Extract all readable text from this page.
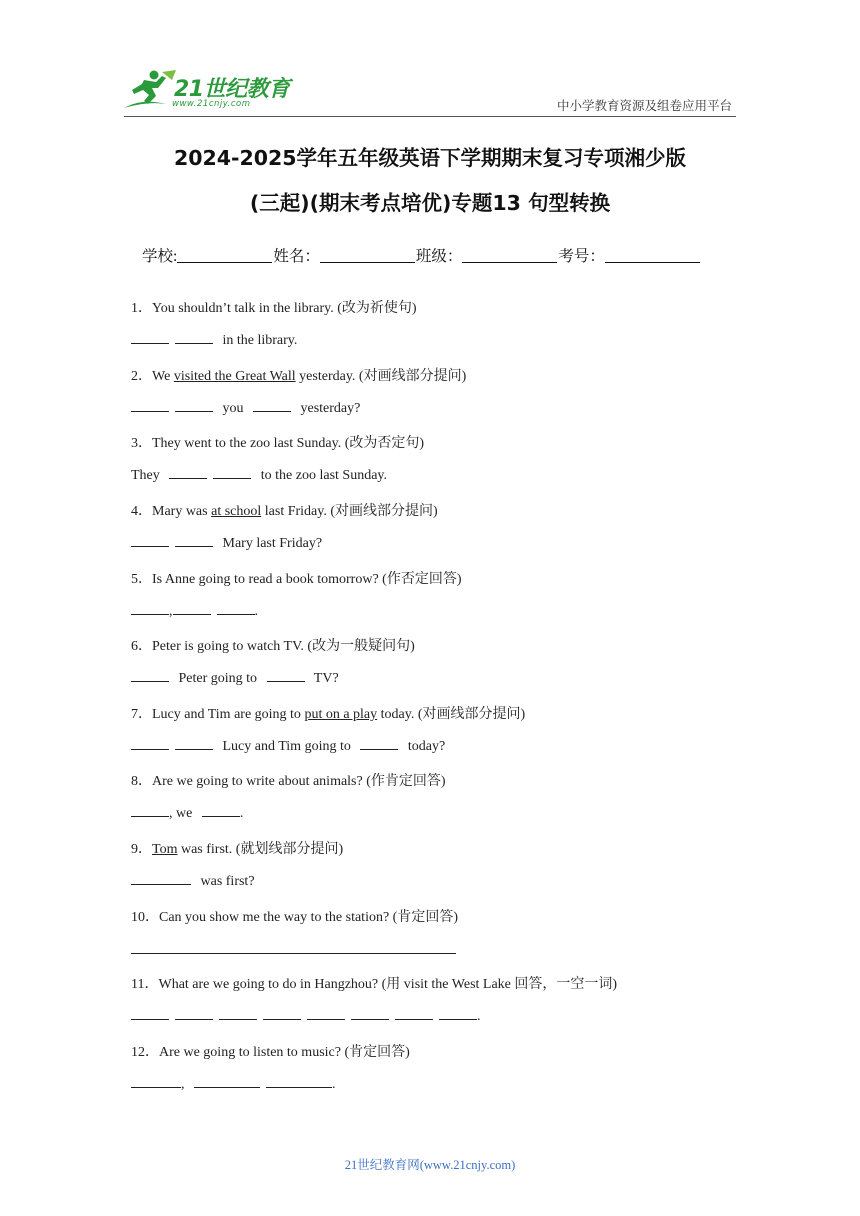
21世纪教育
www.21cnjy.com	中小学教育资源及组卷应用平台
2024-2025学年五年级英语下学期期末复习专项湘少版
(三起)(期末考点培优)专题13 句型转换
学校:	姓名：	班级：	考号：
1．You shouldn’t talk in the library. (改为祈使句)
in the library.
2．We visited the Great Wall yesterday. (对画线部分提问)
you	yesterday?
3．They went to the zoo last Sunday. (改为否定句)
They	to the zoo last Sunday.
4．Mary was at school last Friday. (对画线部分提问)
Mary last Friday?
5．Is Anne going to read a book tomorrow? (作否定回答)
,	.
6．Peter is going to watch TV. (改为一般疑问句)
Peter going to	TV?
7．Lucy and Tim are going to put on a play today. (对画线部分提问)
Lucy and Tim going to	today?
8．Are we going to write about animals? (作肯定回答)
, we	.
9．Tom was first. (就划线部分提问)
was first?
10．Can you show me the way to the station? (肯定回答)
11．What are we going to do in Hangzhou? (用 visit the West Lake 回答，一空一词)
.
12．Are we going to listen to music? (肯定回答)
,	.
21世纪教育网(www.21cnjy.com)
